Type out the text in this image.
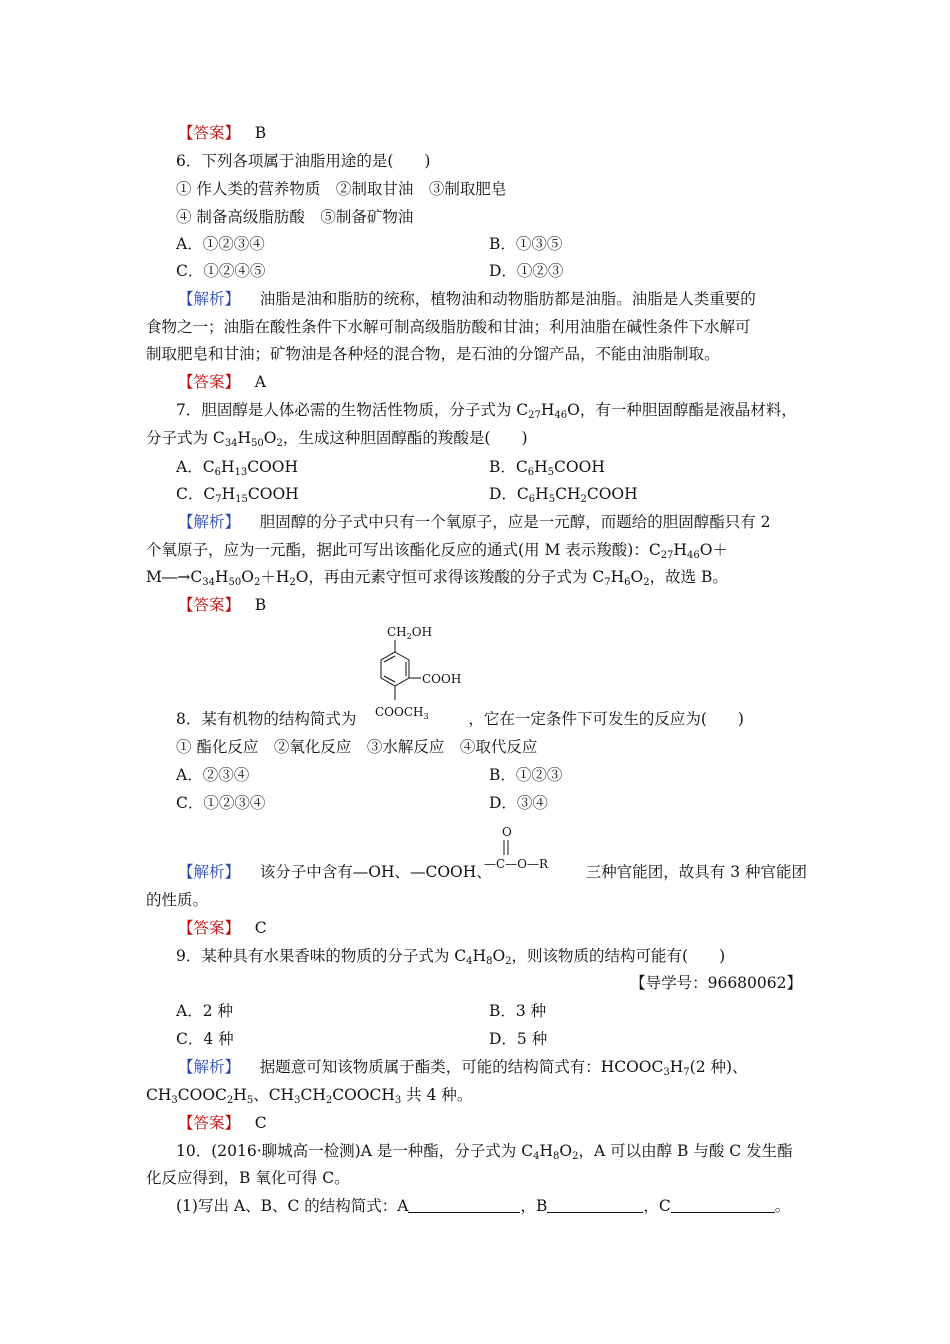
【答案】 B
6．下列各项属于油脂用途的是(　　)
① 作人类的营养物质　②制取甘油　③制取肥皂
④ 制备高级脂肪酸　⑤制备矿物油
A．①②③④	B．①③⑤
C．①②④⑤	D．①②③
【解析】 油脂是油和脂肪的统称，植物油和动物脂肪都是油脂。油脂是人类重要的
食物之一；油脂在酸性条件下水解可制高级脂肪酸和甘油；利用油脂在碱性条件下水解可
制取肥皂和甘油；矿物油是各种烃的混合物，是石油的分馏产品，不能由油脂制取。
【答案】 A
7．胆固醇是人体必需的生物活性物质，分子式为 $C_{27}H_{46}O$，有一种胆固醇酯是液晶材料，
分子式为 $C_{34}H_{50}O_2$，生成这种胆固醇酯的羧酸是(　　)
A．$C_6H_{13}COOH$	B．$C_6H_5COOH$
C．$C_7H_{15}COOH$	D．$C_6H_5CH_2COOH$
【解析】 胆固醇的分子式中只有一个氧原子，应是一元醇，而题给的胆固醇酯只有 2
个氧原子，应为一元酯，据此可写出该酯化反应的通式(用 M 表示羧酸)：$C_{27}H_{46}O+$
$M―\to C_{34}H_{50}O_2+H_2O$，再由元素守恒可求得该羧酸的分子式为 $C_7H_6O_2$，故选 B。
【答案】 B
$CH_2OH$
COOH
$COOCH_3$
8．某有机物的结构简式为	，它在一定条件下可发生的反应为(　　)
① 酯化反应　②氧化反应　③水解反应　④取代反应
A．②③④	B．①②③
C．①②③④	D．③④
O
—C—O—R
【解析】 该分子中含有—OH、—COOH、	三种官能团，故具有 3 种官能团
的性质。
【答案】 C
9．某种具有水果香味的物质的分子式为 $C_4H_8O_2$，则该物质的结构可能有(　　)
【导学号：96680062】
A．2 种	B．3 种
C．4 种	D．5 种
【解析】    据题意可知该物质属于酯类，可能的结构简式有：$HCOOC_3H_7(2$ 种)、
$CH_3COOC_2H_5$、$CH_3CH_2COOCH_3$ 共 4 种。
【答案】 C
10．(2016·聊城高一检测)A 是一种酯，分子式为 $C_4H_8O_2$，A 可以由醇 B 与酸 C 发生酯
化反应得到，B 氧化可得 C。
(1)写出 A、B、C 的结构简式：A	，B	，C	。
